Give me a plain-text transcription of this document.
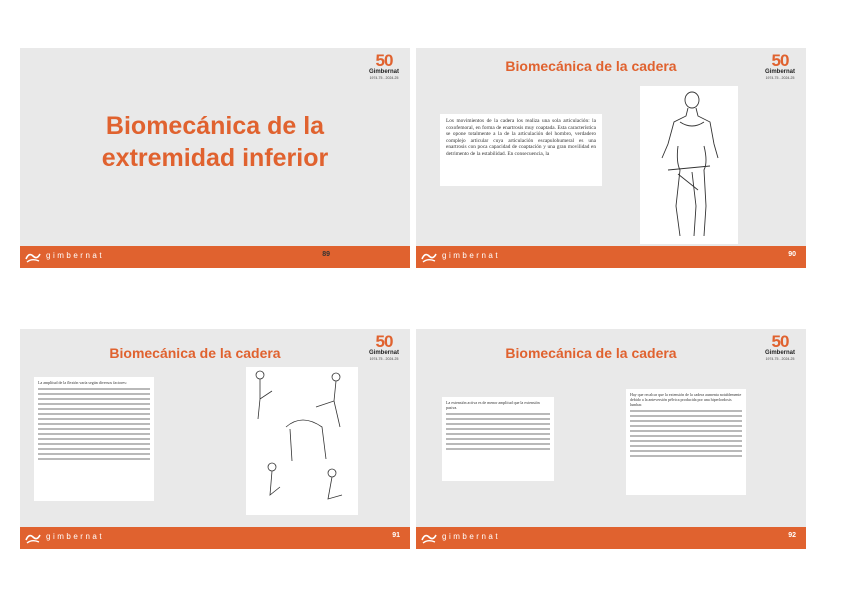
50
Gimbernat
1974-75 - 2024-25
Biomecánica de la
extremidad inferior
gimbernat	89
50
Gimbernat
1974-75 - 2024-25
Biomecánica de la cadera
Los movimientos de la cadera los realiza una sola articulación: la coxofemoral, en forma de enartrosis muy coaptada. Esta característica se opone totalmente a la de la articulación del hombro, verdadero complejo articular cuya articulación escapulohumeral es una enartrosis con poca capacidad de coaptación y una gran movilidad en detrimento de la estabilidad. En consecuencia, la
gimbernat	90
50
Gimbernat
1974-75 - 2024-25
Biomecánica de la cadera
La amplitud de la flexión varía según diversos factores:
gimbernat	91
50
Gimbernat
1974-75 - 2024-25
Biomecánica de la cadera
La extensión activa es de menor amplitud que la extensión pasiva.
Hay que recalcar que la extensión de la cadera aumenta notablemente debido a la anteversión pélvica producida por una hiperlordosis lumbar.
gimbernat	92
